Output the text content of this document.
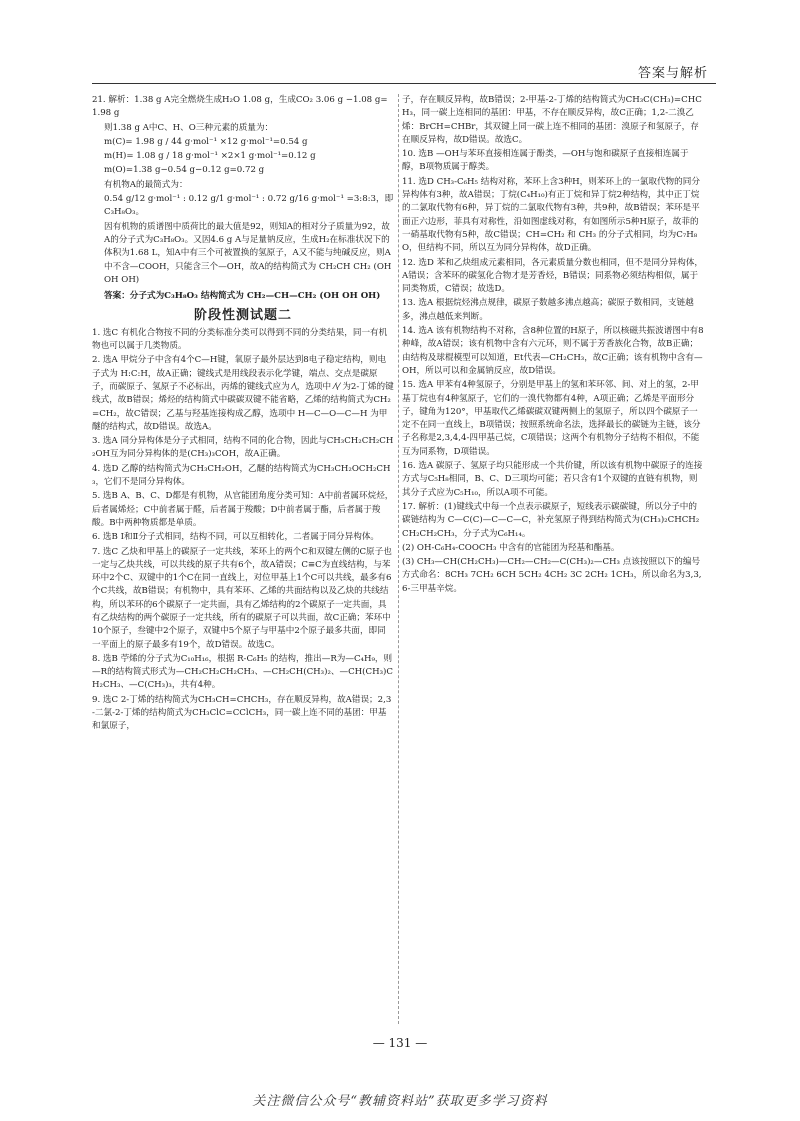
答案与解析
21. 解析：1.38 g A完全燃烧生成H₂O 1.08 g，生成CO₂ 3.06 g −1.08 g=1.98 g
则1.38 g A中C、H、O三种元素的质量为：
m(C)= 1.98 g / 44 g·mol⁻¹ ×12 g·mol⁻¹=0.54 g
m(H)= 1.08 g / 18 g·mol⁻¹ ×2×1 g·mol⁻¹=0.12 g
m(O)=1.38 g−0.54 g−0.12 g=0.72 g
有机物A的最简式为：
0.54 g/12 g·mol⁻¹ : 0.12 g/1 g·mol⁻¹ : 0.72 g/16 g·mol⁻¹ =3:8:3，即C₃H₈O₃。
因有机物的质谱图中质荷比的最大值是92，则知A的相对分子质量为92，故A的分子式为C₃H₈O₃。又因4.6 g A与足量钠反应，生成H₂在标准状况下的体积为1.68 L，知A中有三个可被置换的氢原子，A又不能与纯碱反应，则A中不含—COOH，只能含三个—OH，故A的结构简式为 CH₂CH CH₂ (OH OH OH)
答案：分子式为C₃H₈O₃ 结构简式为 CH₂—CH—CH₂ (OH OH OH)
阶段性测试题二
1. 选C 有机化合物按不同的分类标准分类可以得到不同的分类结果，同一有机物也可以属于几类物质。
2. 选A 甲烷分子中含有4个C—H键，氧原子最外层达到8电子稳定结构，则电子式为 H:C:H，故A正确；键线式是用线段表示化学键，端点、交点是碳原子，而碳原子、氢原子不必标出，丙烯的键线式应为 ⁄\，选项中 ⁄\⁄ 为2-丁烯的键线式，故B错误；烯烃的结构简式中碳碳双键不能省略，乙烯的结构简式为CH₂=CH₂，故C错误；乙基与羟基连接构成乙醇，选项中 H—C—O—C—H 为甲醚的结构式，故D错误。故选A。
3. 选A 同分异构体是分子式相同，结构不同的化合物，因此与CH₃CH₂CH₂CH₂OH互为同分异构体的是(CH₃)₃COH，故A正确。
4. 选D 乙醇的结构简式为CH₃CH₂OH，乙醚的结构简式为CH₃CH₂OCH₂CH₃，它们不是同分异构体。
5. 选B A、B、C、D都是有机物，从官能团角度分类可知：A中前者属环烷烃，后者属烯烃；C中前者属于醛，后者属于羧酸；D中前者属于酯，后者属于羧酸。B中两种物质都是单质。
6. 选B Ⅰ和Ⅱ分子式相同，结构不同，可以互相转化，二者属于同分异构体。
7. 选C 乙炔和甲基上的碳原子一定共线，苯环上的两个C和双键左侧的C原子也一定与乙炔共线，可以共线的原子共有6个，故A错误；C≡C为直线结构，与苯环中2个C、双键中的1个C在同一直线上，对位甲基上1个C可以共线，最多有6个C共线，故B错误；有机物中，具有苯环、乙烯的共面结构以及乙炔的共线结构，所以苯环的6个碳原子一定共面，具有乙烯结构的2个碳原子一定共面，具有乙炔结构的两个碳原子一定共线，所有的碳原子可以共面，故C正确；苯环中10个原子，叁键中2个原子，双键中5个原子与甲基中2个原子最多共面，即同一平面上的原子最多有19个，故D错误。故选C。
8. 选B 苧烯的分子式为C₁₀H₁₆，根据 R-C₆H₅ 的结构，推出—R为—C₄H₉，则—R的结构简式形式为—CH₂CH₂CH₂CH₃、—CH₂CH(CH₃)₂、—CH(CH₃)CH₂CH₃、—C(CH₃)₃，共有4种。
9. 选C 2-丁烯的结构简式为CH₃CH=CHCH₃，存在顺反异构，故A错误；2,3-二氯-2-丁烯的结构简式为CH₃ClC=CClCH₃，同一碳上连不同的基团：甲基和氯原子，
子，存在顺反异构，故B错误；2-甲基-2-丁烯的结构简式为CH₃C(CH₃)=CHCH₃，同一碳上连相同的基团：甲基，不存在顺反异构，故C正确；1,2-二溴乙烯：BrCH=CHBr，其双键上同一碳上连不相同的基团：溴原子和氢原子，存在顺反异构，故D错误。故选C。
10. 选B —OH与苯环直接相连属于酚类，—OH与饱和碳原子直接相连属于醇，B项物质属于醇类。
11. 选D CH₃-C₆H₅ 结构对称，苯环上含3种H，则苯环上的一氯取代物的同分异构体有3种，故A错误；丁烷(C₄H₁₀)有正丁烷和异丁烷2种结构，其中正丁烷的二氯取代物有6种，异丁烷的二氯取代物有3种，共9种，故B错误；苯环是平面正六边形，菲具有对称性，沿如图虚线对称，有如图所示5种H原子，故菲的一硝基取代物有5种，故C错误；CH=CH₂ 和 CH₃ 的分子式相同，均为C₇H₈O，但结构不同，所以互为同分异构体，故D正确。
12. 选D 苯和乙炔组成元素相同，各元素质量分数也相同，但不是同分异构体，A错误；含苯环的碳氢化合物才是芳香烃，B错误；同系物必须结构相似，属于同类物质，C错误；故选D。
13. 选A 根据烷烃沸点规律，碳原子数越多沸点越高；碳原子数相同，支链越多，沸点越低来判断。
14. 选A 该有机物结构不对称，含8种位置的H原子，所以核磁共振波谱图中有8种峰，故A错误；该有机物中含有六元环，则不属于芳香族化合物，故B正确；由结构及球棍模型可以知道，Et代表—CH₂CH₃，故C正确；该有机物中含有—OH，所以可以和金属钠反应，故D错误。
15. 选A 甲苯有4种氢原子，分别是甲基上的氢和苯环邻、间、对上的氢，2-甲基丁烷也有4种氢原子，它们的一溴代物都有4种，A项正确；乙烯是平面形分子，键角为120°，甲基取代乙烯碳碳双键两侧上的氢原子，所以四个碳原子一定不在同一直线上，B项错误；按照系统命名法，选择最长的碳链为主链，该分子名称是2,3,4,4-四甲基己烷，C项错误；这两个有机物分子结构不相似，不能互为同系物，D项错误。
16. 选A 碳原子、氢原子均只能形成一个共价键，所以该有机物中碳原子的连接方式与C₅H₈相同，B、C、D三项均可能；若只含有1个双键的直链有机物，则其分子式应为C₅H₁₀，所以A项不可能。
17. 解析：(1)键线式中每一个点表示碳原子，短线表示碳碳键，所以分子中的碳链结构为 C—C(C)—C—C—C，补充氢原子得到结构简式为(CH₃)₂CHCH₂CH₂CH₂CH₃，分子式为C₆H₁₄。
(2) OH-C₆H₄-COOCH₃ 中含有的官能团为羟基和酯基。
(3) CH₃—CH(CH₂CH₃)—CH₂—CH₂—C(CH₃)₂—CH₃ 点该按照以下的编号方式命名：8CH₃ 7CH₂ 6CH 5CH₂ 4CH₂ 3C 2CH₂ 1CH₃，所以命名为3,3,6-三甲基辛烷。
— 131 —
关注微信公众号“教辅资料站”获取更多学习资料
